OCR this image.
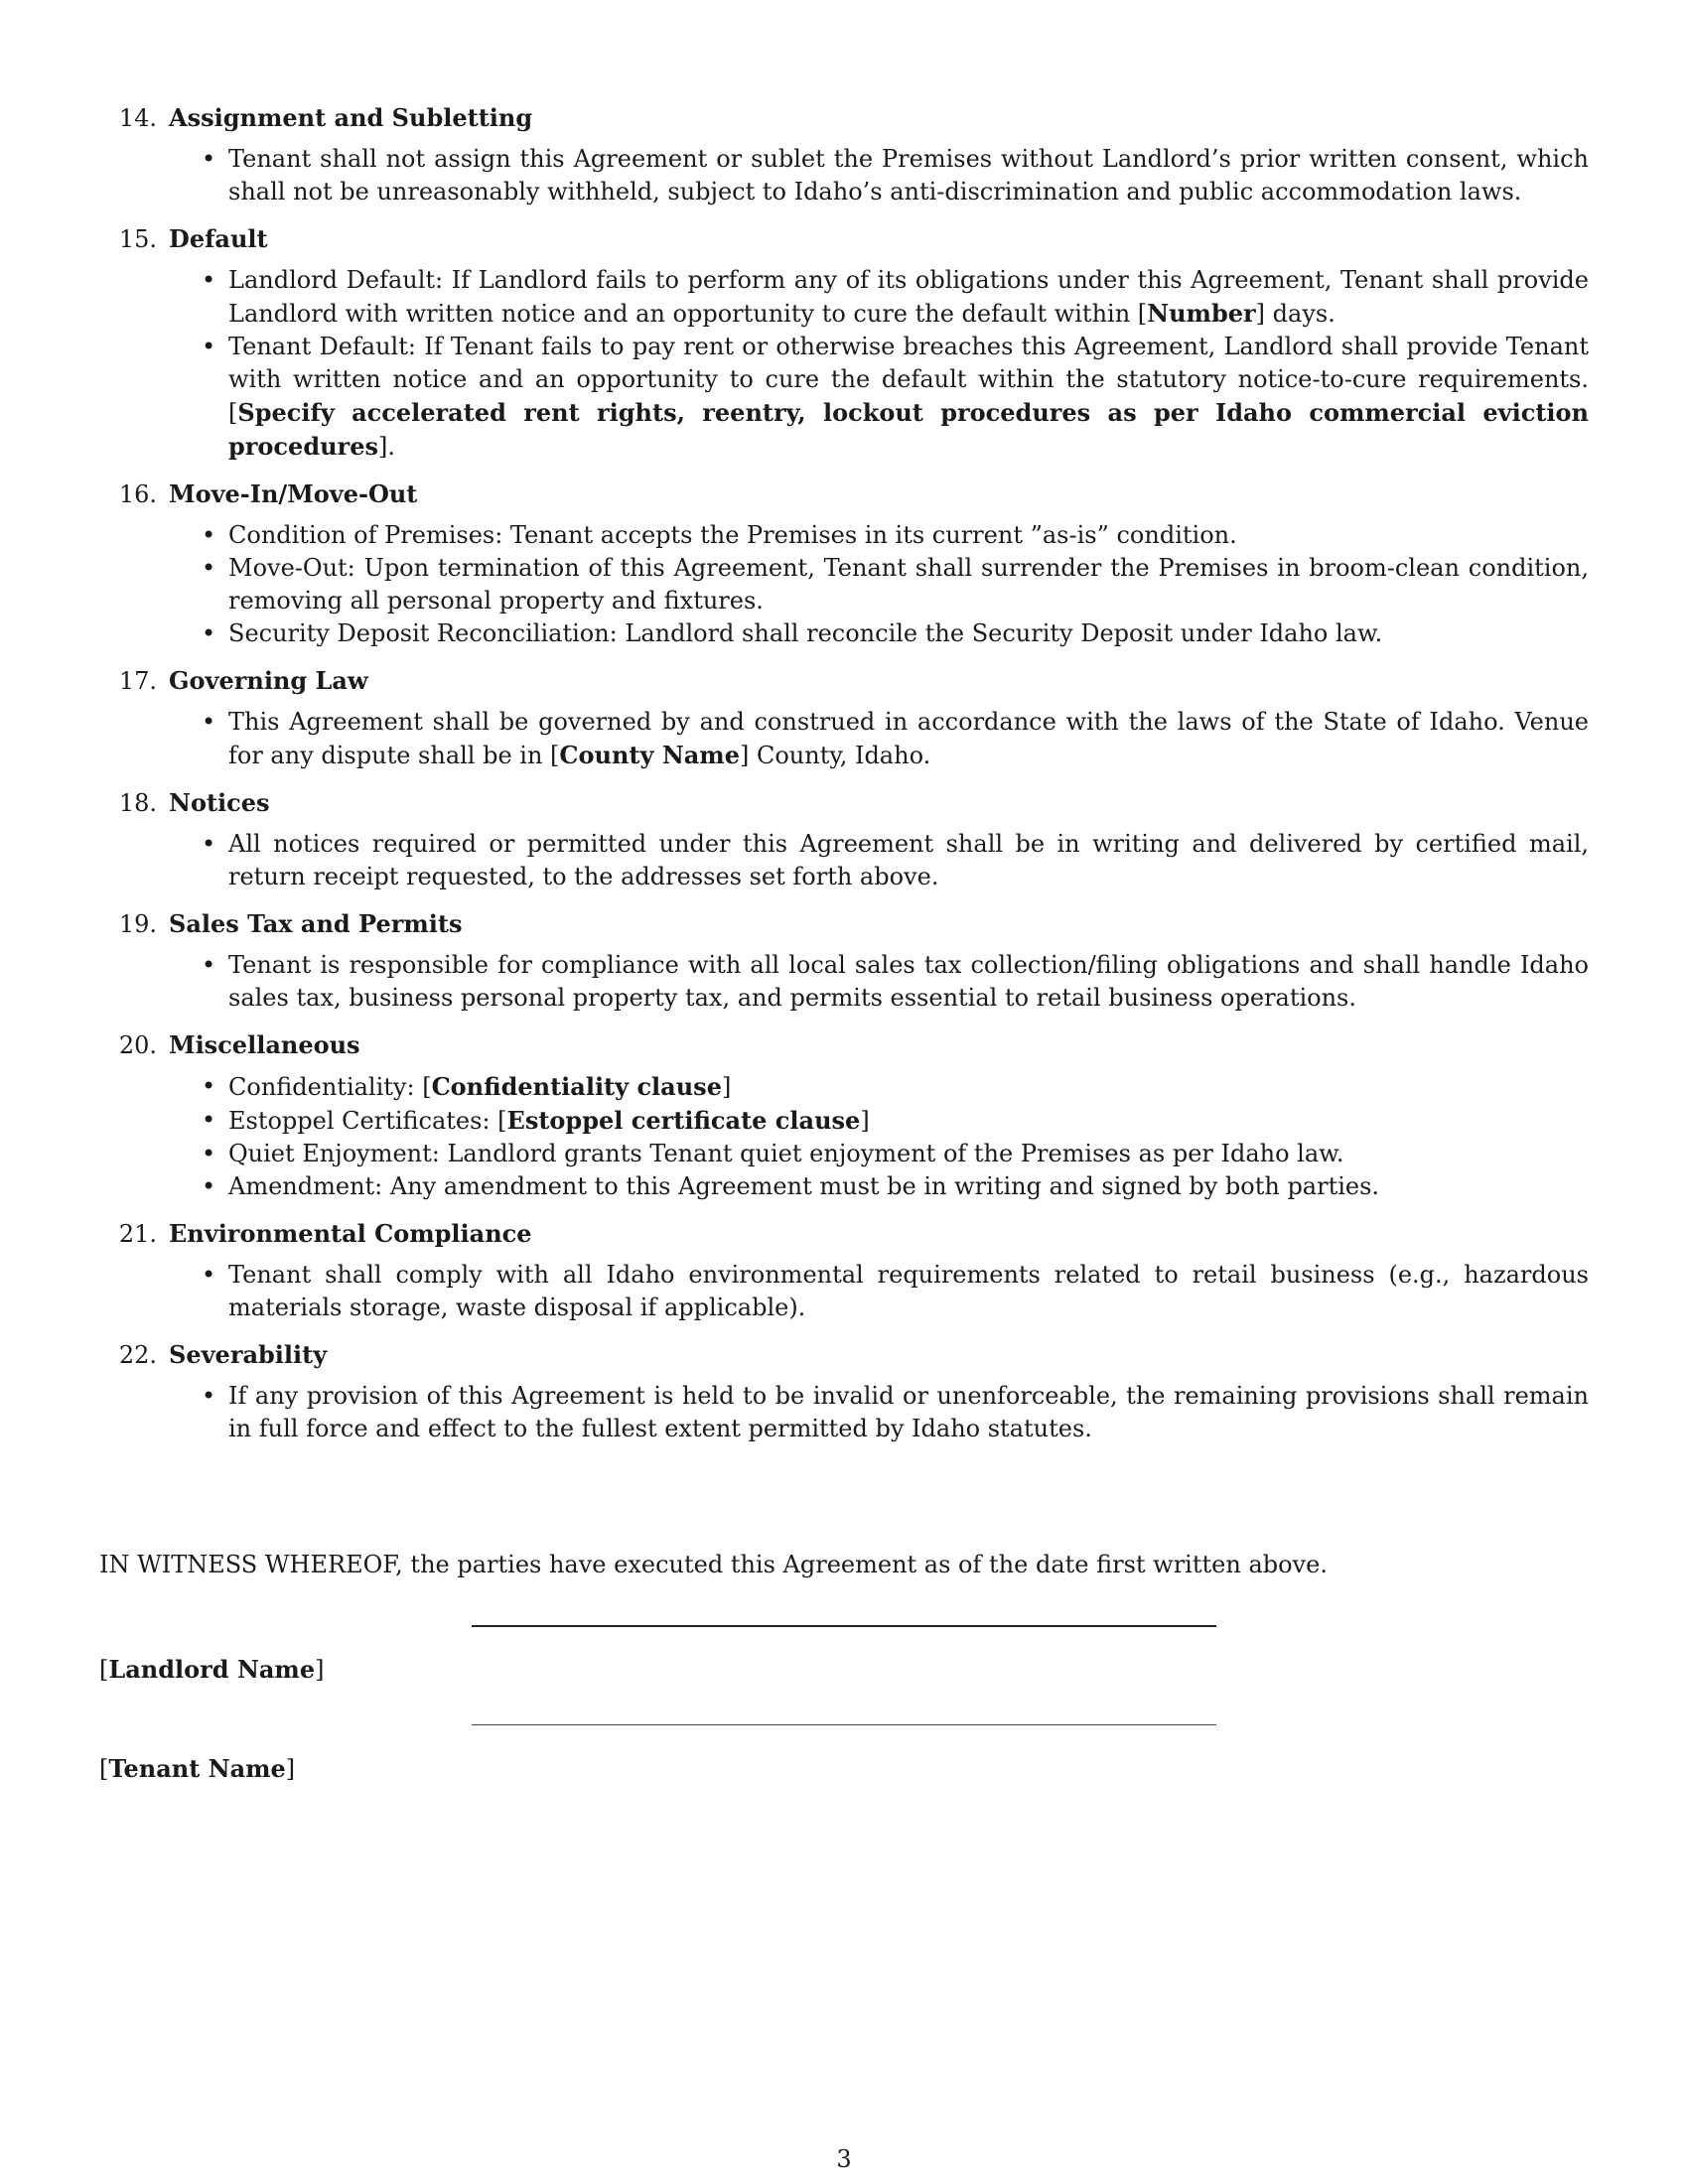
14. Assignment and Subletting
• Tenant shall not assign this Agreement or sublet the Premises without Landlord’s prior written consent, which shall not be unreasonably withheld, subject to Idaho’s anti-discrimination and public accommodation laws.
15. Default
• Landlord Default: If Landlord fails to perform any of its obligations under this Agreement, Tenant shall provide Landlord with written notice and an opportunity to cure the default within [Number] days.
• Tenant Default: If Tenant fails to pay rent or otherwise breaches this Agreement, Landlord shall provide Tenant with written notice and an opportunity to cure the default within the statutory notice-to-cure requirements. [Specify accelerated rent rights, reentry, lockout procedures as per Idaho commercial eviction procedures].
16. Move-In/Move-Out
• Condition of Premises: Tenant accepts the Premises in its current ”as-is” condition.
• Move-Out: Upon termination of this Agreement, Tenant shall surrender the Premises in broom-clean condition, removing all personal property and fixtures.
• Security Deposit Reconciliation: Landlord shall reconcile the Security Deposit under Idaho law.
17. Governing Law
• This Agreement shall be governed by and construed in accordance with the laws of the State of Idaho. Venue for any dispute shall be in [County Name] County, Idaho.
18. Notices
• All notices required or permitted under this Agreement shall be in writing and delivered by certified mail, return receipt requested, to the addresses set forth above.
19. Sales Tax and Permits
• Tenant is responsible for compliance with all local sales tax collection/filing obligations and shall handle Idaho sales tax, business personal property tax, and permits essential to retail business operations.
20. Miscellaneous
• Confidentiality: [Confidentiality clause]
• Estoppel Certificates: [Estoppel certificate clause]
• Quiet Enjoyment: Landlord grants Tenant quiet enjoyment of the Premises as per Idaho law.
• Amendment: Any amendment to this Agreement must be in writing and signed by both parties.
21. Environmental Compliance
• Tenant shall comply with all Idaho environmental requirements related to retail business (e.g., hazardous materials storage, waste disposal if applicable).
22. Severability
• If any provision of this Agreement is held to be invalid or unenforceable, the remaining provisions shall remain in full force and effect to the fullest extent permitted by Idaho statutes.
IN WITNESS WHEREOF, the parties have executed this Agreement as of the date first written above.
[Landlord Name]
[Tenant Name]
3
